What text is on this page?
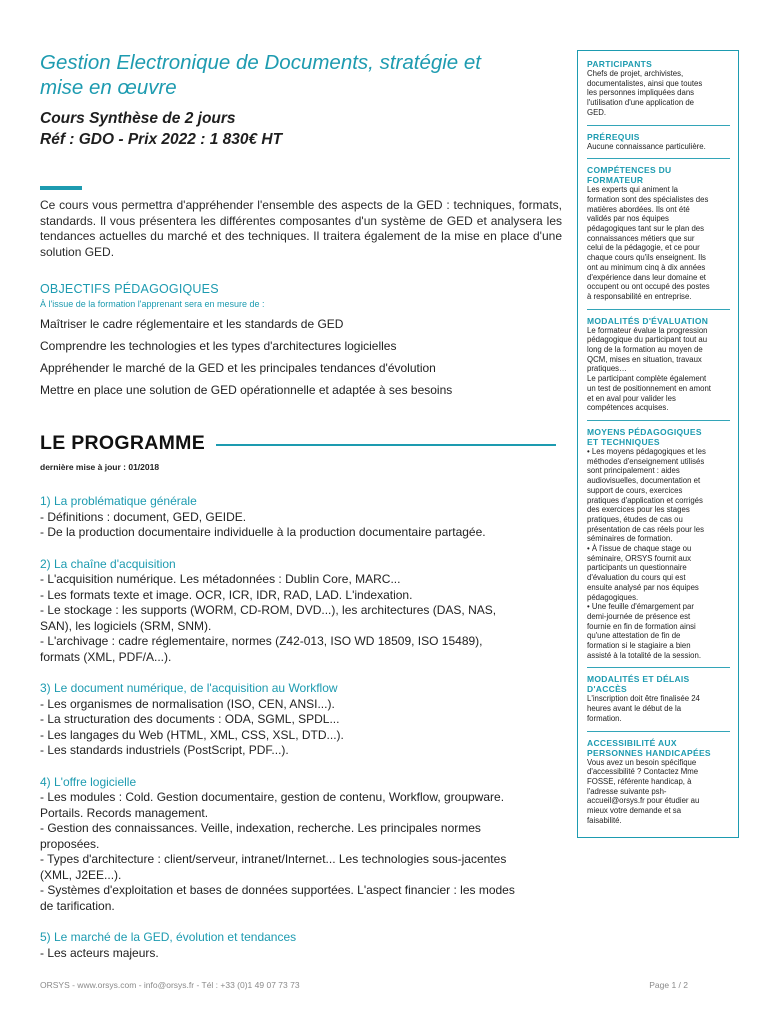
Gestion Electronique de Documents, stratégie et
mise en œuvre
Cours Synthèse de 2 jours
Réf : GDO - Prix 2022 : 1 830€ HT
Ce cours vous permettra d'appréhender l'ensemble des aspects de la GED : techniques, formats, standards. Il vous présentera les différentes composantes d'un système de GED et analysera les tendances actuelles du marché et des techniques. Il traitera également de la mise en place d'une solution GED.
OBJECTIFS PÉDAGOGIQUES
À l'issue de la formation l'apprenant sera en mesure de :
Maîtriser le cadre réglementaire et les standards de GED
Comprendre les technologies et les types d'architectures logicielles
Appréhender le marché de la GED et les principales tendances d'évolution
Mettre en place une solution de GED opérationnelle et adaptée à ses besoins
LE PROGRAMME
dernière mise à jour : 01/2018
1) La problématique générale
- Définitions : document, GED, GEIDE.
- De la production documentaire individuelle à la production documentaire partagée.
2) La chaîne d'acquisition
- L'acquisition numérique. Les métadonnées : Dublin Core, MARC...
- Les formats texte et image. OCR, ICR, IDR, RAD, LAD. L'indexation.
- Le stockage : les supports (WORM, CD-ROM, DVD...), les architectures (DAS, NAS,
SAN), les logiciels (SRM, SNM).
- L'archivage : cadre réglementaire, normes (Z42-013, ISO WD 18509, ISO 15489),
formats (XML, PDF/A...).
3) Le document numérique, de l'acquisition au Workflow
- Les organismes de normalisation (ISO, CEN, ANSI...).
- La structuration des documents : ODA, SGML, SPDL...
- Les langages du Web (HTML, XML, CSS, XSL, DTD...).
- Les standards industriels (PostScript, PDF...).
4) L'offre logicielle
- Les modules : Cold. Gestion documentaire, gestion de contenu, Workflow, groupware.
Portails. Records management.
- Gestion des connaissances. Veille, indexation, recherche. Les principales normes
proposées.
- Types d'architecture : client/serveur, intranet/Internet... Les technologies sous-jacentes
(XML, J2EE...).
- Systèmes d'exploitation et bases de données supportées. L'aspect financier : les modes
de tarification.
5) Le marché de la GED, évolution et tendances
- Les acteurs majeurs.
PARTICIPANTS
Chefs de projet, archivistes,
documentalistes, ainsi que toutes
les personnes impliquées dans
l'utilisation d'une application de
GED.
PRÉREQUIS
Aucune connaissance particulière.
COMPÉTENCES DU
FORMATEUR
Les experts qui animent la
formation sont des spécialistes des
matières abordées. Ils ont été
validés par nos équipes
pédagogiques tant sur le plan des
connaissances métiers que sur
celui de la pédagogie, et ce pour
chaque cours qu'ils enseignent. Ils
ont au minimum cinq à dix années
d'expérience dans leur domaine et
occupent ou ont occupé des postes
à responsabilité en entreprise.
MODALITÉS D'ÉVALUATION
Le formateur évalue la progression
pédagogique du participant tout au
long de la formation au moyen de
QCM, mises en situation, travaux
pratiques…
Le participant complète également
un test de positionnement en amont
et en aval pour valider les
compétences acquises.
MOYENS PÉDAGOGIQUES
ET TECHNIQUES
• Les moyens pédagogiques et les
méthodes d'enseignement utilisés
sont principalement : aides
audiovisuelles, documentation et
support de cours, exercices
pratiques d'application et corrigés
des exercices pour les stages
pratiques, études de cas ou
présentation de cas réels pour les
séminaires de formation.
• À l'issue de chaque stage ou
séminaire, ORSYS fournit aux
participants un questionnaire
d'évaluation du cours qui est
ensuite analysé par nos équipes
pédagogiques.
• Une feuille d'émargement par
demi-journée de présence est
fournie en fin de formation ainsi
qu'une attestation de fin de
formation si le stagiaire a bien
assisté à la totalité de la session.
MODALITÉS ET DÉLAIS
D'ACCÈS
L'inscription doit être finalisée 24
heures avant le début de la
formation.
ACCESSIBILITÉ AUX
PERSONNES HANDICAPÉES
Vous avez un besoin spécifique
d'accessibilité ? Contactez Mme
FOSSE, référente handicap, à
l'adresse suivante psh-
accueil@orsys.fr pour étudier au
mieux votre demande et sa
faisabilité.
ORSYS - www.orsys.com - info@orsys.fr - Tél : +33 (0)1 49 07 73 73	Page 1 / 2
